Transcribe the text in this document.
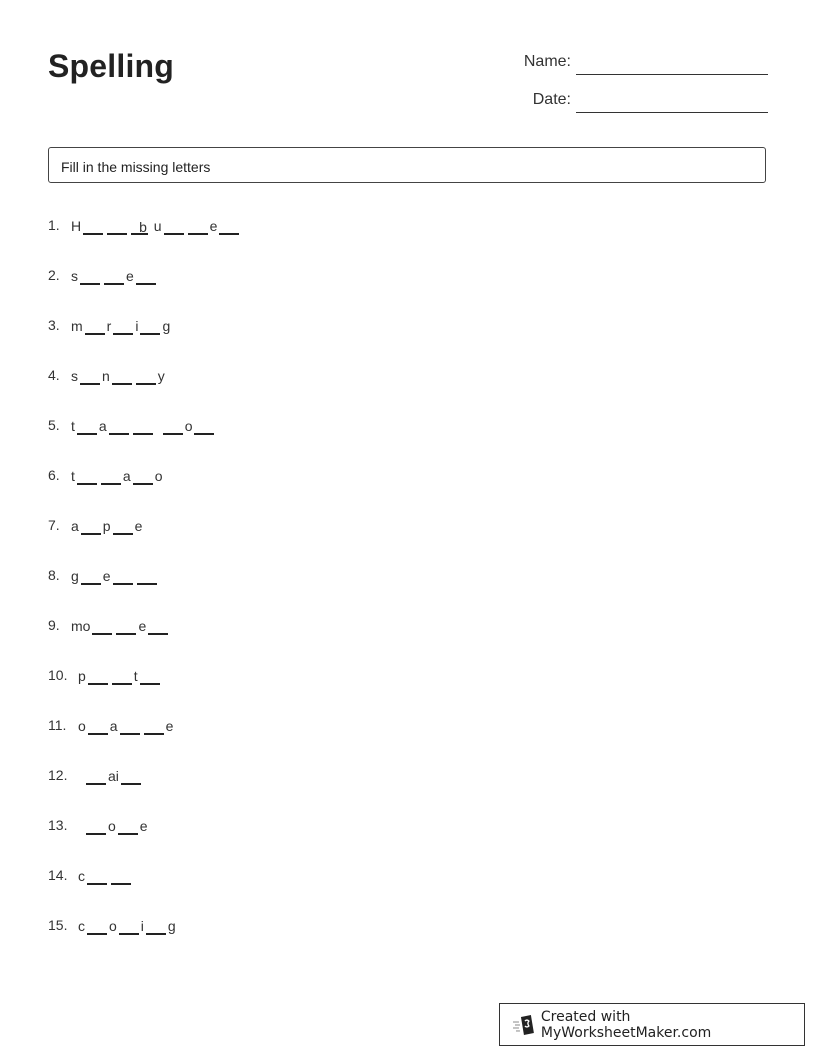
Spelling	Name:
Date:
Fill in the missing letters
1. H	b u	e
2. s	e
3. m r i g
4. s n	y
5. t a	o
6. t	a o
7. a p e
8. g e
9. mo	e
10. p	t
11. o a	e
12.	ai
13.	o e
14. c
15. c o i g
Created with MyWorksheetMaker.com
